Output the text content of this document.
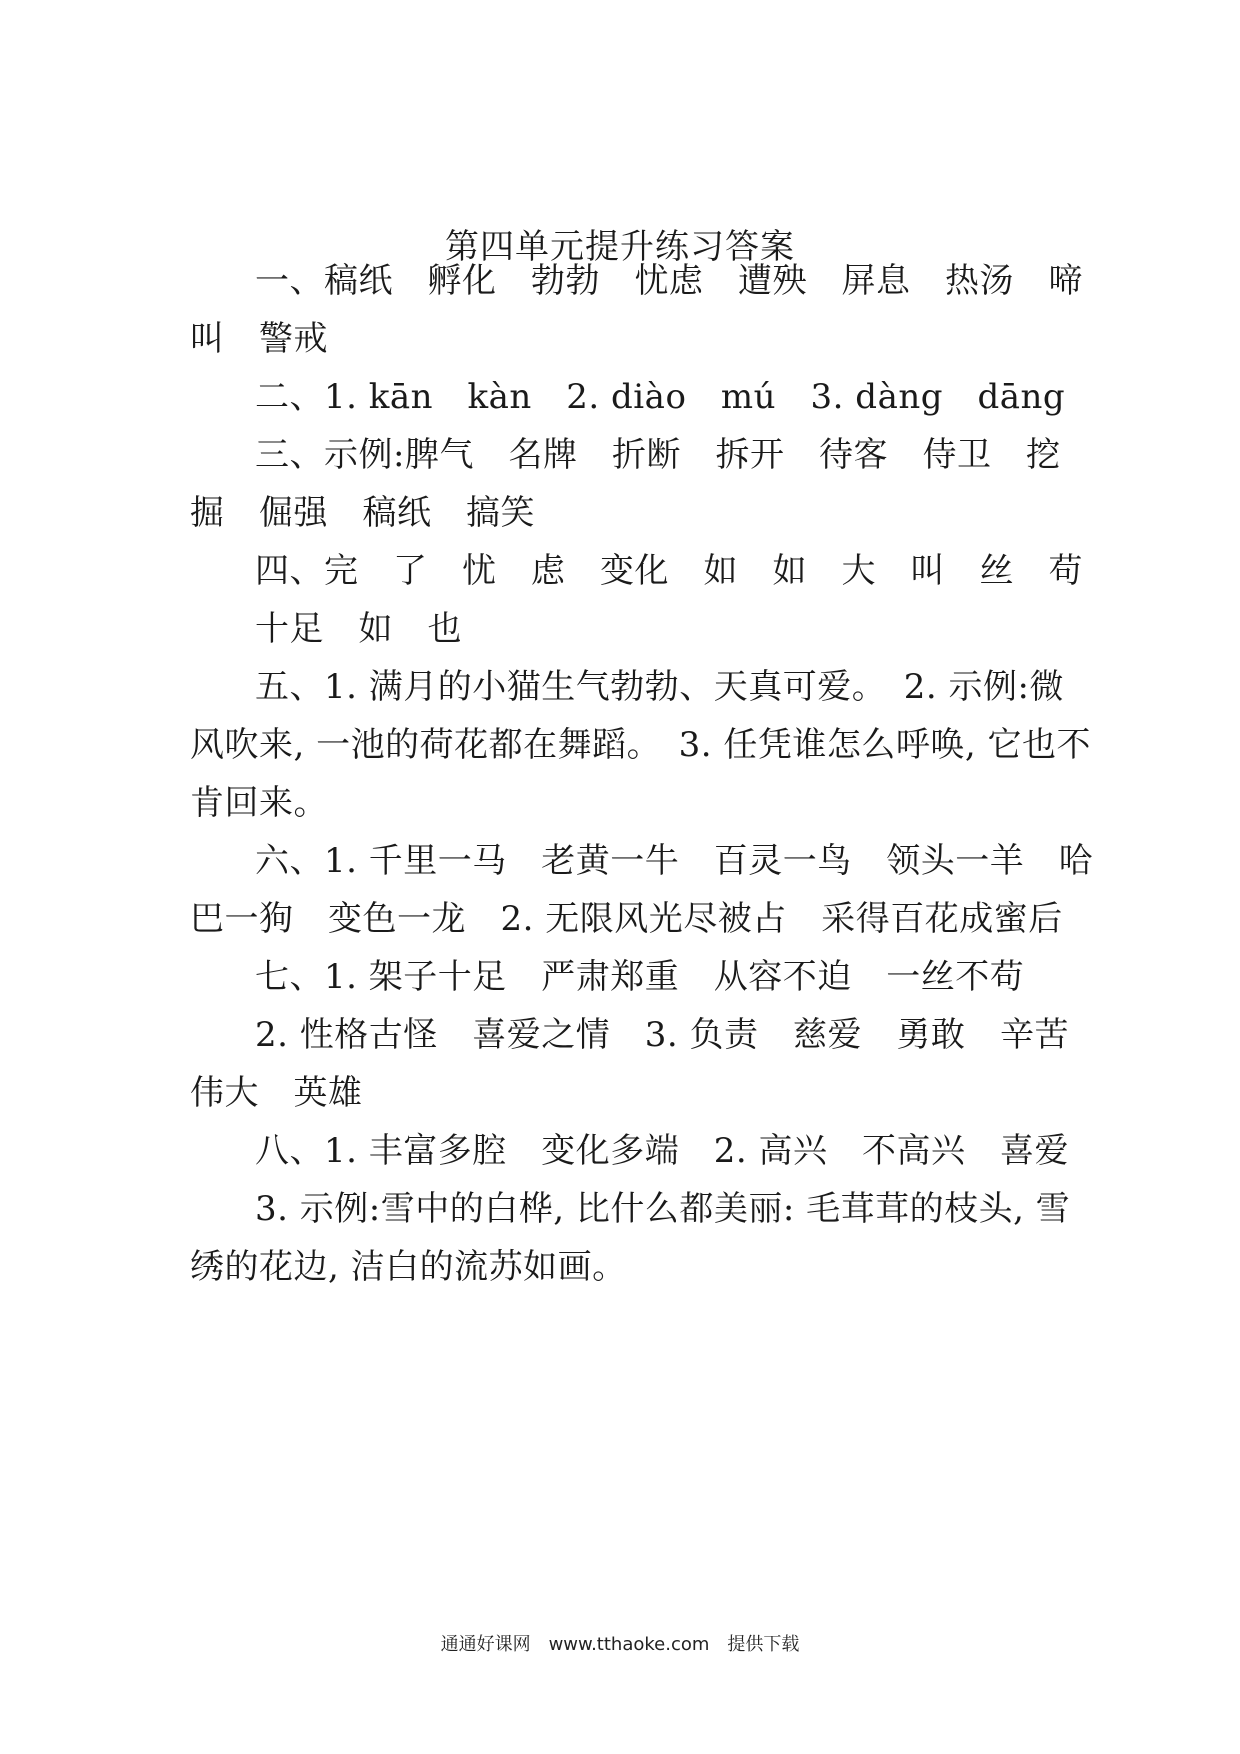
第四单元提升练习答案
一、稿纸　孵化　勃勃　忧虑　遭殃　屏息　热汤　啼
叫　警戒
二、1. kān　kàn　2. diào　mú　3. dàng　dāng
三、示例:脾气　名牌　折断　拆开　待客　侍卫　挖
掘　倔强　稿纸　搞笑
四、完　了　忧　虑　变化　如　如　大　叫　丝　苟
十足　如　也
五、1. 满月的小猫生气勃勃、天真可爱。　2. 示例:微
风吹来, 一池的荷花都在舞蹈。　3. 任凭谁怎么呼唤, 它也不
肯回来。
六、1. 千里一马　老黄一牛　百灵一鸟　领头一羊　哈
巴一狗　变色一龙　2. 无限风光尽被占　采得百花成蜜后
七、1. 架子十足　严肃郑重　从容不迫　一丝不苟
2. 性格古怪　喜爱之情　3. 负责　慈爱　勇敢　辛苦
伟大　英雄
八、1. 丰富多腔　变化多端　2. 高兴　不高兴　喜爱
3. 示例:雪中的白桦, 比什么都美丽: 毛茸茸的枝头, 雪
绣的花边, 洁白的流苏如画。
通通好课网　www.tthaoke.com　提供下载
